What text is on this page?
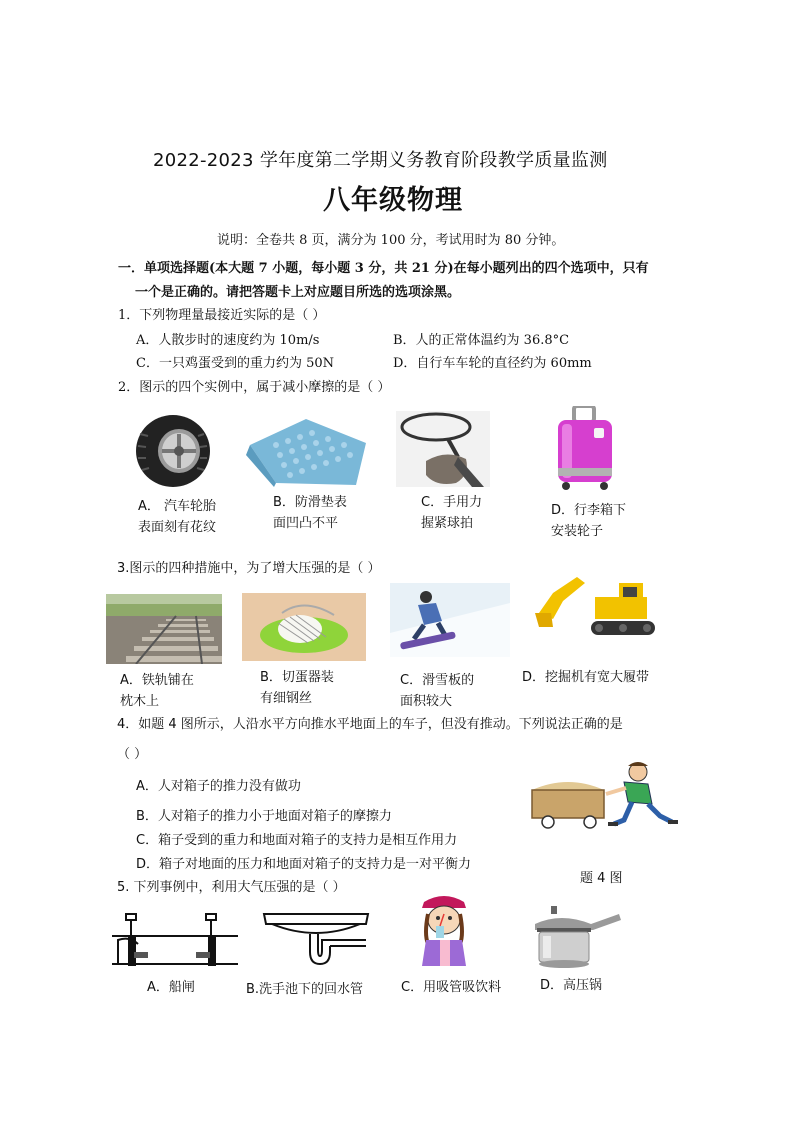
2022-2023 学年度第二学期义务教育阶段教学质量监测
八年级物理
说明：全卷共 8 页，满分为 100 分，考试用时为 80 分钟。
一．单项选择题(本大题 7 小题，每小题 3 分，共 21 分)在每小题列出的四个选项中，只有
一个是正确的。请把答题卡上对应题目所选的选项涂黑。
1．下列物理量最接近实际的是（ ）
A．人散步时的速度约为 10m/s	B．人的正常体温约为 36.8°C
C．一只鸡蛋受到的重力约为 50N	D．自行车车轮的直径约为 60mm
2．图示的四个实例中，属于减小摩擦的是（ ）
A． 汽车轮胎
表面刻有花纹
B．防滑垫表
面凹凸不平
C．手用力
握紧球拍
D．行李箱下
安装轮子
3.图示的四种措施中，为了增大压强的是（ ）
A．铁轨铺在
枕木上
B．切蛋器装
有细钢丝
C．滑雪板的
面积较大
D．挖掘机有宽大履带
4．如题 4 图所示，人沿水平方向推水平地面上的车子，但没有推动。下列说法正确的是
（ ）
A．人对箱子的推力没有做功
B．人对箱子的推力小于地面对箱子的摩擦力
C．箱子受到的重力和地面对箱子的支持力是相互作用力
D．箱子对地面的压力和地面对箱子的支持力是一对平衡力
题 4 图
5. 下列事例中，利用大气压强的是（ ）
A．船闸	B.洗手池下的回水管	C．用吸管吸饮料	D．高压锅
